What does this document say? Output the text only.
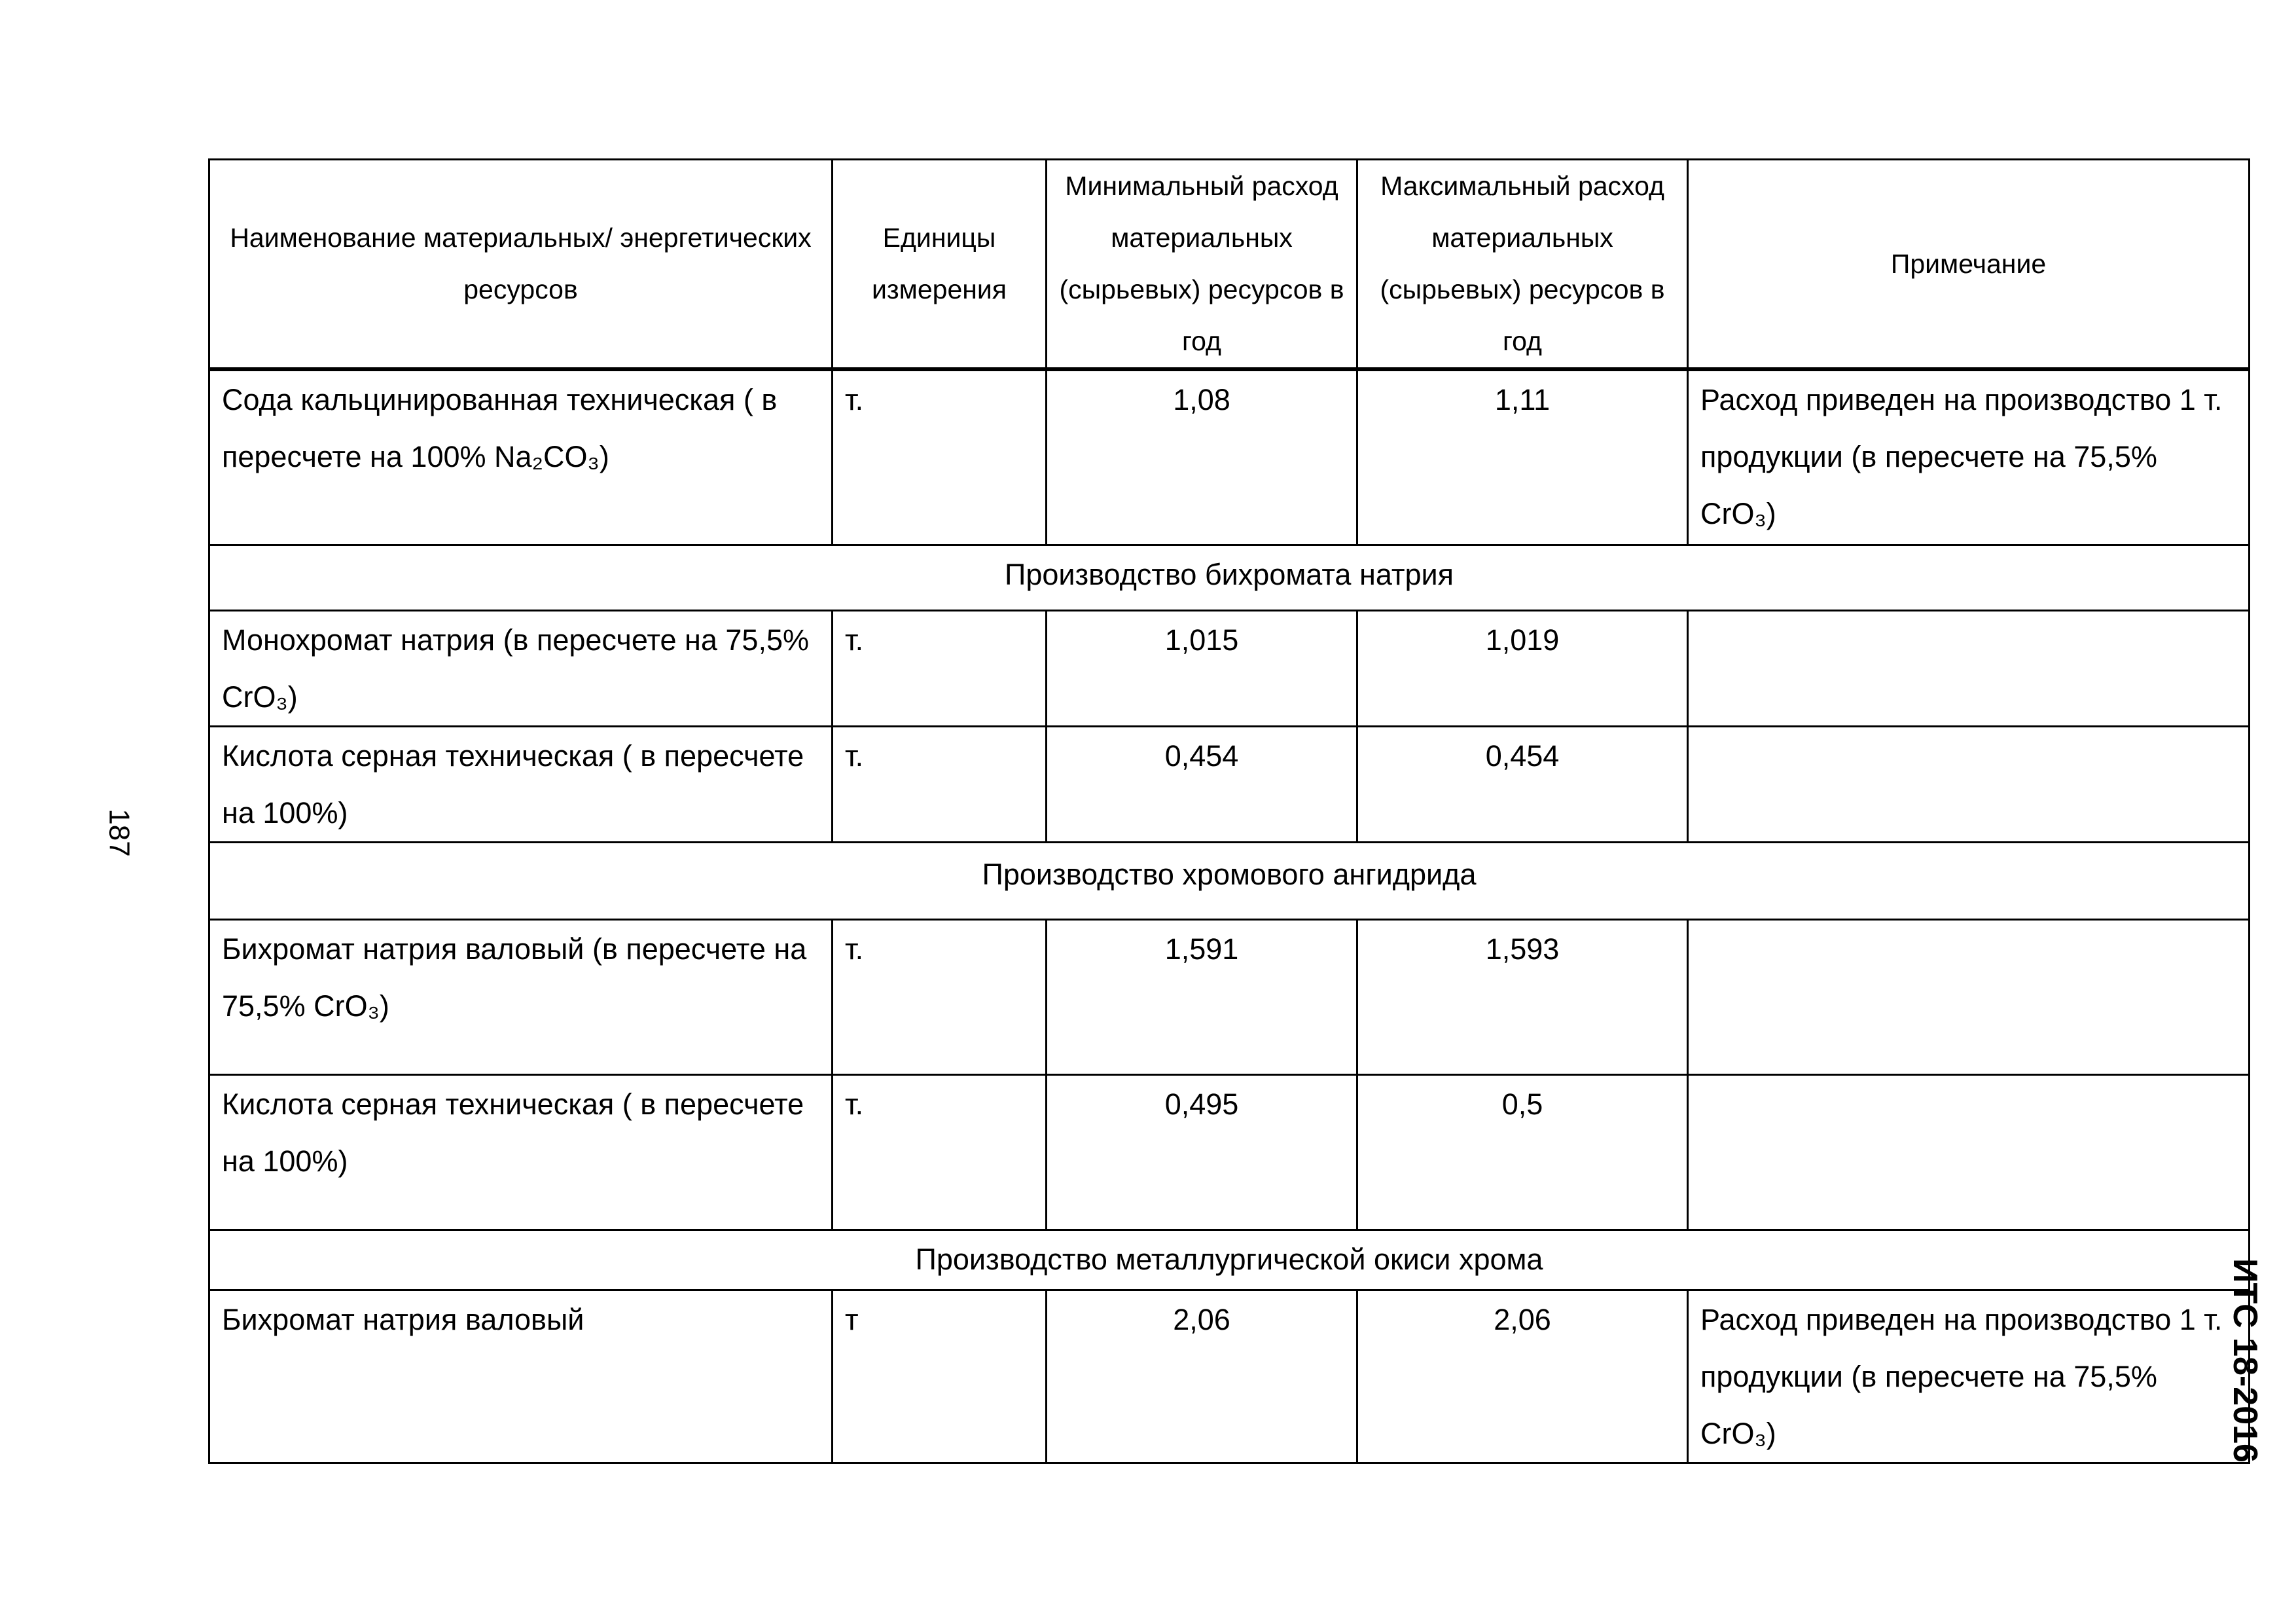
187
ИТС 18-2016
Наименование материальных/ энергетических ресурсов	Единицы измерения	Минимальный расход материальных (сырьевых) ресурсов в год	Максимальный расход материальных (сырьевых) ресурсов в год	Примечание
Сода кальцинированная техническая ( в пересчете на 100% Na₂CO₃)	т.	1,08	1,11	Расход приведен на производство 1 т. продукции (в пересчете на 75,5% CrO₃)
Производство бихромата натрия				
Монохромат натрия (в пересчете на 75,5% CrO₃)	т.	1,015	1,019	
Кислота серная техническая ( в пересчете на 100%)	т.	0,454	0,454	
Производство хромового ангидрида				
Бихромат натрия валовый (в пересчете на 75,5% CrO₃)	т.	1,591	1,593	
Кислота серная техническая ( в пересчете на 100%)	т.	0,495	0,5	
Производство металлургической окиси хрома				
Бихромат натрия валовый	т	2,06	2,06	Расход приведен на производство 1 т. продукции (в пересчете на 75,5% CrO₃)
